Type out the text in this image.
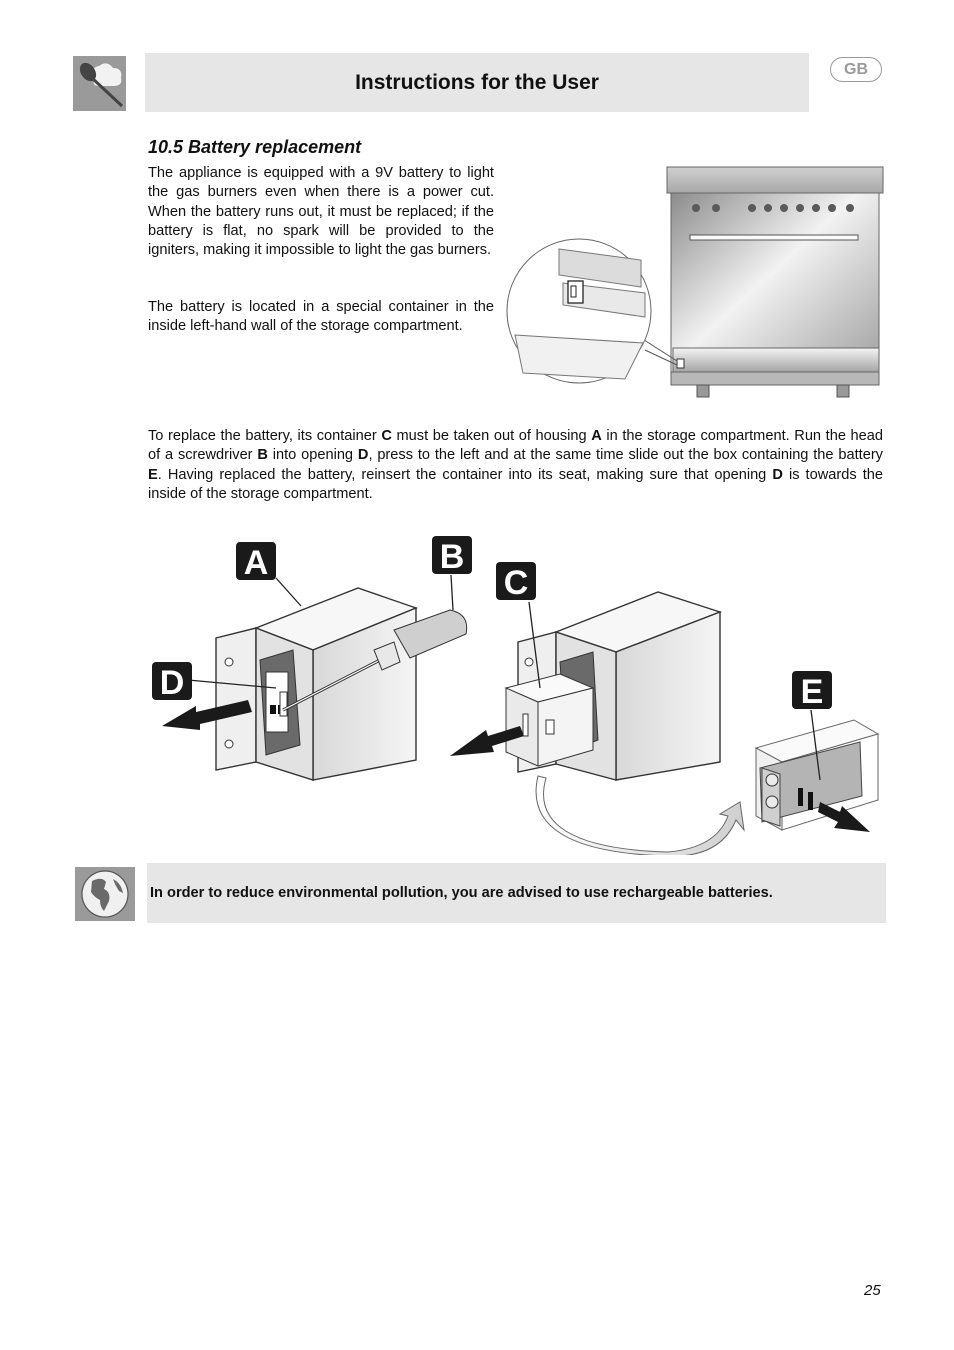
Instructions for the User
GB
10.5 Battery replacement

The appliance is equipped with a 9V battery to light the gas burners even when there is a power cut. When the battery runs out, it must be replaced; if the battery is flat, no spark will be provided to the igniters, making it impossible to light the gas burners.

The battery is located in a special container in the inside left-hand wall of the storage compartment.

To replace the battery, its container C must be taken out of housing A in the storage compartment. Run the head of a screwdriver B into opening D, press to the left and at the same time slide out the box containing the battery E. Having replaced the battery, reinsert the container into its seat, making sure that opening D is towards the inside of the storage compartment.

A	B
C
D	E
In order to reduce environmental pollution, you are advised to use rechargeable batteries.
25
